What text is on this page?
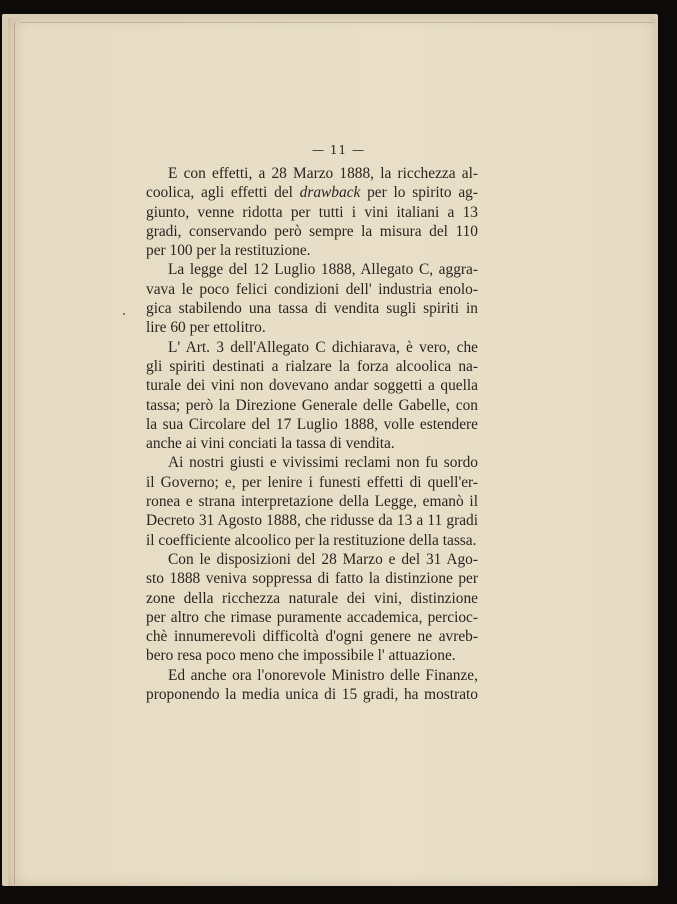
— 11 —
E con effetti, a 28 Marzo 1888, la ricchezza al-
coolica, agli effetti del drawback per lo spirito ag-
giunto, venne ridotta per tutti i vini italiani a 13
gradi, conservando però sempre la misura del 110
per 100 per la restituzione.
La legge del 12 Luglio 1888, Allegato C, aggra-
vava le poco felici condizioni dell' industria enolo-
gica stabilendo una tassa di vendita sugli spiriti in
lire 60 per ettolitro.
L' Art. 3 dell'Allegato C dichiarava, è vero, che
gli spiriti destinati a rialzare la forza alcoolica na-
turale dei vini non dovevano andar soggetti a quella
tassa; però la Direzione Generale delle Gabelle, con
la sua Circolare del 17 Luglio 1888, volle estendere
anche ai vini conciati la tassa di vendita.
Ai nostri giusti e vivissimi reclami non fu sordo
il Governo; e, per lenire i funesti effetti di quell'er-
ronea e strana interpretazione della Legge, emanò il
Decreto 31 Agosto 1888, che ridusse da 13 a 11 gradi
il coefficiente alcoolico per la restituzione della tassa.
Con le disposizioni del 28 Marzo e del 31 Ago-
sto 1888 veniva soppressa di fatto la distinzione per
zone della ricchezza naturale dei vini, distinzione
per altro che rimase puramente accademica, percioc-
chè innumerevoli difficoltà d'ogni genere ne avreb-
bero resa poco meno che impossibile l' attuazione.
Ed anche ora l'onorevole Ministro delle Finanze,
proponendo la media unica di 15 gradi, ha mostrato
